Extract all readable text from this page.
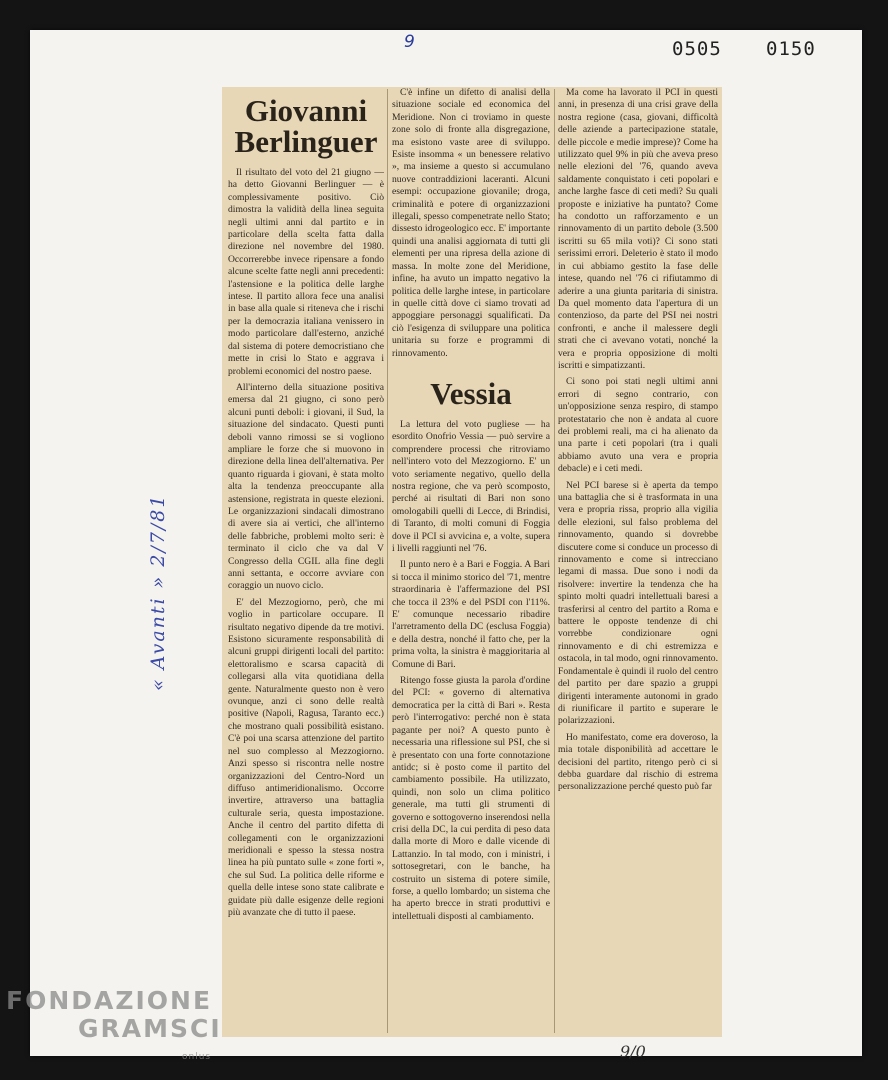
0505 0150
9
« Avanti » 2/7/81
Giovanni Berlinguer

Il risultato del voto del 21 giugno — ha detto Giovanni Berlinguer — è complessivamente positivo. Ciò dimostra la validità della linea seguita negli ultimi anni dal partito e in particolare della scelta fatta dalla direzione nel novembre del 1980. Occorrerebbe invece ripensare a fondo alcune scelte fatte negli anni precedenti: l'astensione e la politica delle larghe intese. Il partito allora fece una analisi in base alla quale si riteneva che i rischi per la democrazia italiana venissero in modo particolare dall'esterno, anziché dal sistema di potere democristiano che mette in crisi lo Stato e aggrava i problemi economici del nostro paese.

All'interno della situazione positiva emersa dal 21 giugno, ci sono però alcuni punti deboli: i giovani, il Sud, la situazione del sindacato. Questi punti deboli vanno rimossi se si vogliono ampliare le forze che si muovono in direzione della linea dell'alternativa. Per quanto riguarda i giovani, è stata molto alta la tendenza preoccupante alla astensione, registrata in queste elezioni. Le organizzazioni sindacali dimostrano di avere sia ai vertici, che all'interno delle fabbriche, problemi molto seri: è terminato il ciclo che va dal V Congresso della CGIL alla fine degli anni settanta, e occorre avviare con coraggio un nuovo ciclo.

E' del Mezzogiorno, però, che mi voglio in particolare occupare. Il risultato negativo dipende da tre motivi. Esistono sicuramente responsabilità di alcuni gruppi dirigenti locali del partito: elettoralismo e scarsa capacità di collegarsi alla vita quotidiana della gente. Naturalmente questo non è vero ovunque, anzi ci sono delle realtà positive (Napoli, Ragusa, Taranto ecc.) che mostrano quali possibilità esistano. C'è poi una scarsa attenzione del partito nel suo complesso al Mezzogiorno. Anzi spesso si riscontra nelle nostre organizzazioni del Centro-Nord un diffuso antimeridionalismo. Occorre invertire, attraverso una battaglia culturale seria, questa impostazione. Anche il centro del partito difetta di collegamenti con le organizzazioni meridionali e spesso la stessa nostra linea ha più puntato sulle « zone forti », che sul Sud. La politica delle riforme e quella delle intese sono state calibrate e guidate più dalle esigenze delle regioni più avanzate che di tutto il paese.

C'è infine un difetto di analisi della situazione sociale ed economica del Meridione. Non ci troviamo in queste zone solo di fronte alla disgregazione, ma esistono vaste aree di sviluppo. Esiste insomma « un benessere relativo », ma insieme a questo si accumulano nuove contraddizioni laceranti. Alcuni esempi: occupazione giovanile; droga, criminalità e potere di organizzazioni illegali, spesso compenetrate nello Stato; dissesto idrogeologico ecc. E' importante quindi una analisi aggiornata di tutti gli elementi per una ripresa della azione di massa. In molte zone del Meridione, infine, ha avuto un impatto negativo la politica delle larghe intese, in particolare in quelle città dove ci siamo trovati ad appoggiare personaggi squalificati. Da ciò l'esigenza di sviluppare una politica unitaria su forze e programmi di rinnovamento.

Vessia

La lettura del voto pugliese — ha esordito Onofrio Vessia — può servire a comprendere processi che ritroviamo nell'intero voto del Mezzogiorno. E' un voto seriamente negativo, quello della nostra regione, che va però scomposto, perché ai risultati di Bari non sono omologabili quelli di Lecce, di Brindisi, di Taranto, di molti comuni di Foggia dove il PCI si avvicina e, a volte, supera i livelli raggiunti nel '76.

Il punto nero è a Bari e Foggia. A Bari si tocca il minimo storico del '71, mentre straordinaria è l'affermazione del PSI che tocca il 23% e del PSDI con l'11%. E' comunque necessario ribadire l'arretramento della DC (esclusa Foggia) e della destra, nonché il fatto che, per la prima volta, la sinistra è maggioritaria al Comune di Bari.

Ritengo fosse giusta la parola d'ordine del PCI: « governo di alternativa democratica per la città di Bari ». Resta però l'interrogativo: perché non è stata pagante per noi? A questo punto è necessaria una riflessione sul PSI, che si è presentato con una forte connotazione antidc; si è posto come il partito del cambiamento possibile. Ha utilizzato, quindi, non solo un clima politico generale, ma tutti gli strumenti di governo e sottogoverno inserendosi nella crisi della DC, la cui perdita di peso data dalla morte di Moro e dalle vicende di Lattanzio. In tal modo, con i ministri, i sottosegretari, con le banche, ha costruito un sistema di potere simile, forse, a quello lombardo; un sistema che ha aperto brecce in strati produttivi e intellettuali disposti al cambiamento.

Ma come ha lavorato il PCI in questi anni, in presenza di una crisi grave della nostra regione (casa, giovani, difficoltà delle aziende a partecipazione statale, delle piccole e medie imprese)? Come ha utilizzato quel 9% in più che aveva preso nelle elezioni del '76, quando aveva saldamente conquistato i ceti popolari e anche larghe fasce di ceti medi? Su quali proposte e iniziative ha puntato? Come ha condotto un rafforzamento e un rinnovamento di un partito debole (3.500 iscritti su 65 mila voti)? Ci sono stati serissimi errori. Deleterio è stato il modo in cui abbiamo gestito la fase delle intese, quando nel '76 ci rifiutammo di aderire a una giunta paritaria di sinistra. Da quel momento data l'apertura di un contenzioso, da parte del PSI nei nostri confronti, e anche il malessere degli strati che ci avevano votati, nonché la vera e propria opposizione di molti iscritti e simpatizzanti.

Ci sono poi stati negli ultimi anni errori di segno contrario, con un'opposizione senza respiro, di stampo protestatario che non è andata al cuore dei problemi reali, ma ci ha alienato da una parte i ceti popolari (tra i quali abbiamo avuto una vera e propria debacle) e i ceti medi.

Nel PCI barese si è aperta da tempo una battaglia che si è trasformata in una vera e propria rissa, proprio alla vigilia delle elezioni, sul falso problema del rinnovamento, quando si dovrebbe discutere come si conduce un processo di rinnovamento e come si intrecciano legami di massa. Due sono i nodi da risolvere: invertire la tendenza che ha spinto molti quadri intellettuali baresi a trasferirsi al centro del partito a Roma e battere le opposte tendenze di chi vorrebbe condizionare ogni rinnovamento e di chi estremizza e ostacola, in tal modo, ogni rinnovamento. Fondamentale è quindi il ruolo del centro del partito per dare spazio a gruppi dirigenti interamente autonomi in grado di riunificare il partito e superare le polarizzazioni.

Ho manifestato, come era doveroso, la mia totale disponibilità ad accettare le decisioni del partito, ritengo però ci si debba guardare dal rischio di estrema personalizzazione perché questo può far

9/0
FONDAZIONE
GRAMSCI
onlus
